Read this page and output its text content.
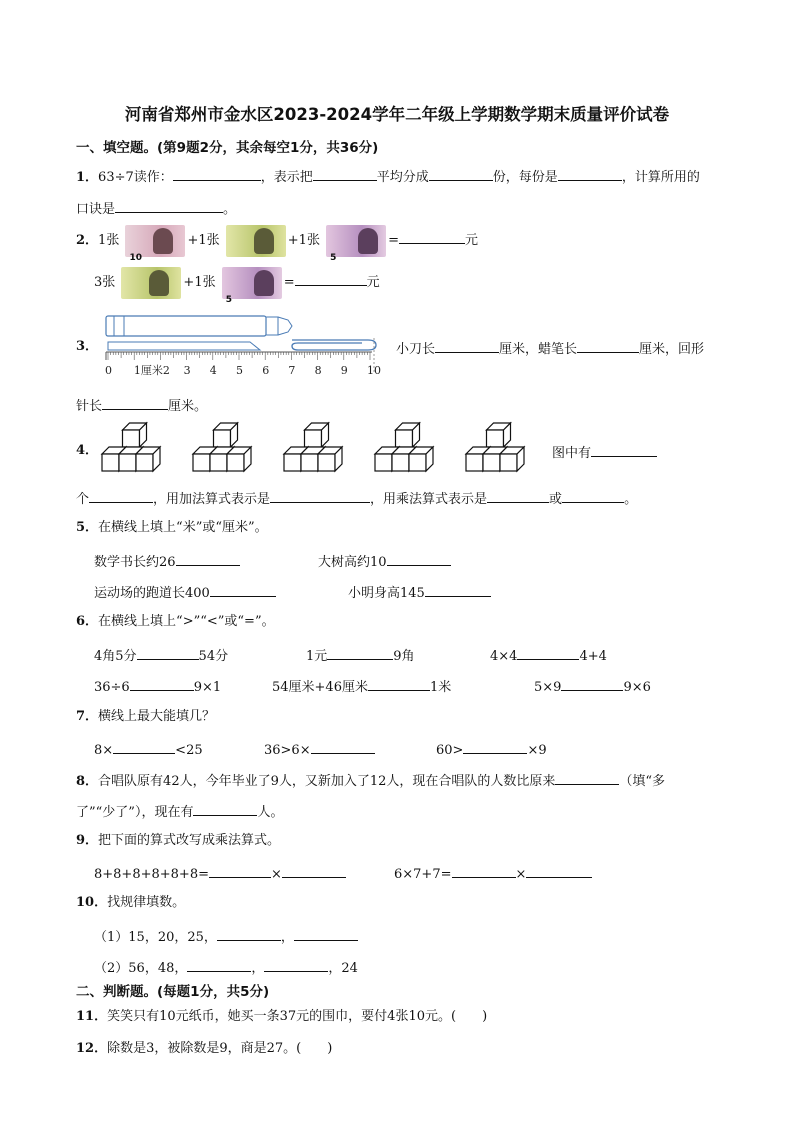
河南省郑州市金水区2023-2024学年二年级上学期数学期末质量评价试卷
一、填空题。(第9题2分，其余每空1分，共36分)
1．63÷7读作：	，表示把	平均分成	份，每份是	，计算所用的
口诀是	。
2．1张
10
+1张	+1张
5
=	元
3张	+1张
5
=	元
3．
0 1厘米2 3 4 5 6 7 8 9 10
小刀长	厘米，蜡笔长	厘米，回形
针长	厘米。
4．	图中有
个	，用加法算式表示是	，用乘法算式表示是	或	。
5．在横线上填上“米”或“厘米”。
数学书长约26	大树高约10
运动场的跑道长400	小明身高145
6．在横线上填上“>”“<”或“=”。
4角5分	54分	1元	9角	4×4	4+4
36÷6	9×1	54厘米+46厘米	1米	5×9	9×6
7．横线上最大能填几？
8×	<25	36>6×	60>	×9
8．合唱队原有42人，今年毕业了9人，又新加入了12人，现在合唱队的人数比原来	（填“多
了”“少了”），现在有	人。
9．把下面的算式改写成乘法算式。
8+8+8+8+8+8=	×	6×7+7=	×
10．找规律填数。
（1）15，20，25，	，
（2）56，48，	，	，24
二、判断题。(每题1分，共5分)
11．笑笑只有10元纸币，她买一条37元的围巾，要付4张10元。(　　)
12．除数是3，被除数是9，商是27。(　　)
